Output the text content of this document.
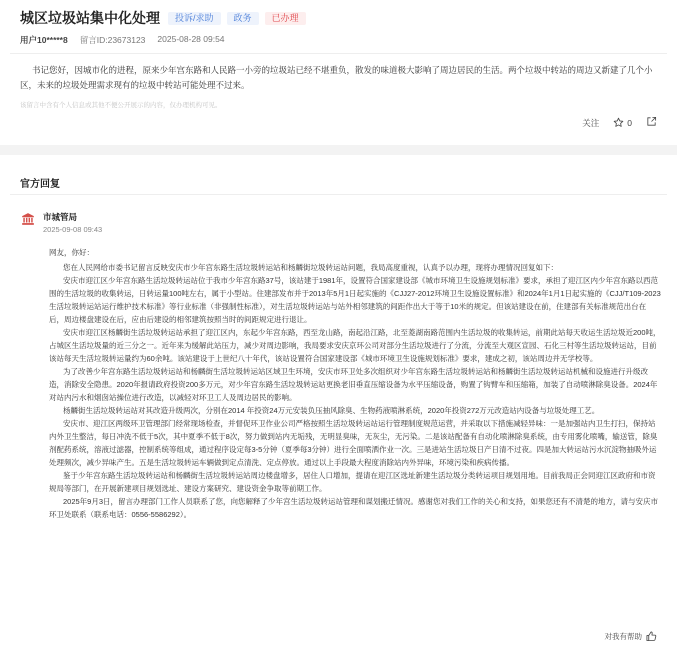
城区垃圾站集中化处理	投诉/求助	政务	已办理
用户10*****8 留言ID:23673123 2025-08-28 09:54
书记您好，因城市化的进程，原来少年宫东路和人民路一小旁的垃圾站已经不堪重负，散发的味道极大影响了周边居民的生活。两个垃圾中转站的周边又新建了几个小区，未来的垃圾处理需求现有的垃圾中转站可能处理不过来。
该留言中含有个人信息或其他不便公开展示的内容，仅办理机构可见。
关注	0
官方回复
市城管局
2025-09-08 09:43

网友，你好：

您在人民网给市委书记留言反映安庆市少年宫东路生活垃圾转运站和杨麟街垃圾转运站问题，我局高度重视，认真予以办理，现将办理情况回复如下：

安庆市迎江区少年宫东路生活垃圾转运站位于我市少年宫东路37号，该站建于1981年，设置符合国家建设部《城市环境卫生设施规划标准》要求，承担了迎江区内少年宫东路以西范围的生活垃圾的收集转运，日转运量100吨左右，属于小型站。住建部发布并于2013年5月1日起实施的《CJJ27-2012环境卫生设施设置标准》和2024年1月1日起实施的《CJJ/T109-2023生活垃圾转运站运行维护技术标准》等行业标准（非强制性标准），对生活垃圾转运站与站外相邻建筑的间距作出大于等于10米的规定。但该站建设在前，住建部有关标准规范出台在后，周边楼盘建设在后，应由后建设的相邻建筑按照当时的间距规定进行退让。

安庆市迎江区杨麟街生活垃圾转运站承担了迎江区内，东起少年宫东路，西至龙山路，南起沿江路，北至菱湖南路范围内生活垃圾的收集转运，前期此站每天收运生活垃圾近200吨，占城区生活垃圾量的近三分之一。近年来为缓解此站压力，减少对周边影响，我局要求安庆京环公司对部分生活垃圾进行了分流，分流至大观区宣园、石化三村等生活垃圾转运站，目前该站每天生活垃圾转运量约为60余吨。该站建设于上世纪八十年代，该站设置符合国家建设部《城市环境卫生设施规划标准》要求，建成之初，该站周边并无学校等。

为了改善少年宫东路生活垃圾转运站和杨麟街生活垃圾转运站区域卫生环境，安庆市环卫处多次组织对少年宫东路生活垃圾转运站和杨麟街生活垃圾转运站机械和设施进行升级改造，消除安全隐患。2020年报请政府投资200多万元，对少年宫东路生活垃圾转运站更换老旧垂直压缩设备为水平压缩设备，购置了钩臂车和压缩箱，加装了自动喷淋除臭设备。2024年对站内污水和烟囱站操位进行改造，以减轻对环卫工人及周边居民的影响。

杨麟街生活垃圾转运站对其改造升级两次，分别在2014 年投资24万元安装负压抽风除臭、生物药液喷淋系统，2020年投资272万元改造站内设备与垃圾处理工艺。

安庆市、迎江区两级环卫管理部门经常现场检查，并督促环卫作业公司严格按照生活垃圾转运站运行管理制度规范运营，并采取以下措施减轻异味：一是加强站内卫生打扫，保持站内外卫生整洁，每日冲洗不低于5次，其中夏季不低于8次，努力做到站内无垢残，无明显臭味，无灰尘，无污染。二是该站配备有自动化喷淋除臭系统，由专用雾化喷嘴，输送管，除臭剂配药系统，溶液过滤器，控制系统等组成，通过程序设定每3-5分钟（夏季每3分钟）进行全面喷洒作业一次。三是进站生活垃圾日产日清不过夜。四是加大转运站污水沉淀物抽吸外运处理频次，减少异味产生。五是生活垃圾转运车辆做到定点清洗、定点停放。通过以上手段最大程度消除站内外异味，环境污染和疾病传播。

鉴于少年宫东路生活垃圾转运站和杨麟街生活垃圾转运站周边楼盘增多，居住人口增加，提请在迎江区选址新建生活垃圾分类转运项目规划用地。目前我局正会同迎江区政府和市资规局等部门，在开展新建项目规划选址、建设方案研究、建设资金争取等前期工作。

2025年9月3日，留言办理部门工作人员联系了您，向您解释了少年宫生活垃圾转运站管理和谋划搬迁情况。感谢您对我们工作的关心和支持，如果您还有不清楚的地方，请与安庆市环卫处联系（联系电话：0556-5586292）。

对我有帮助
